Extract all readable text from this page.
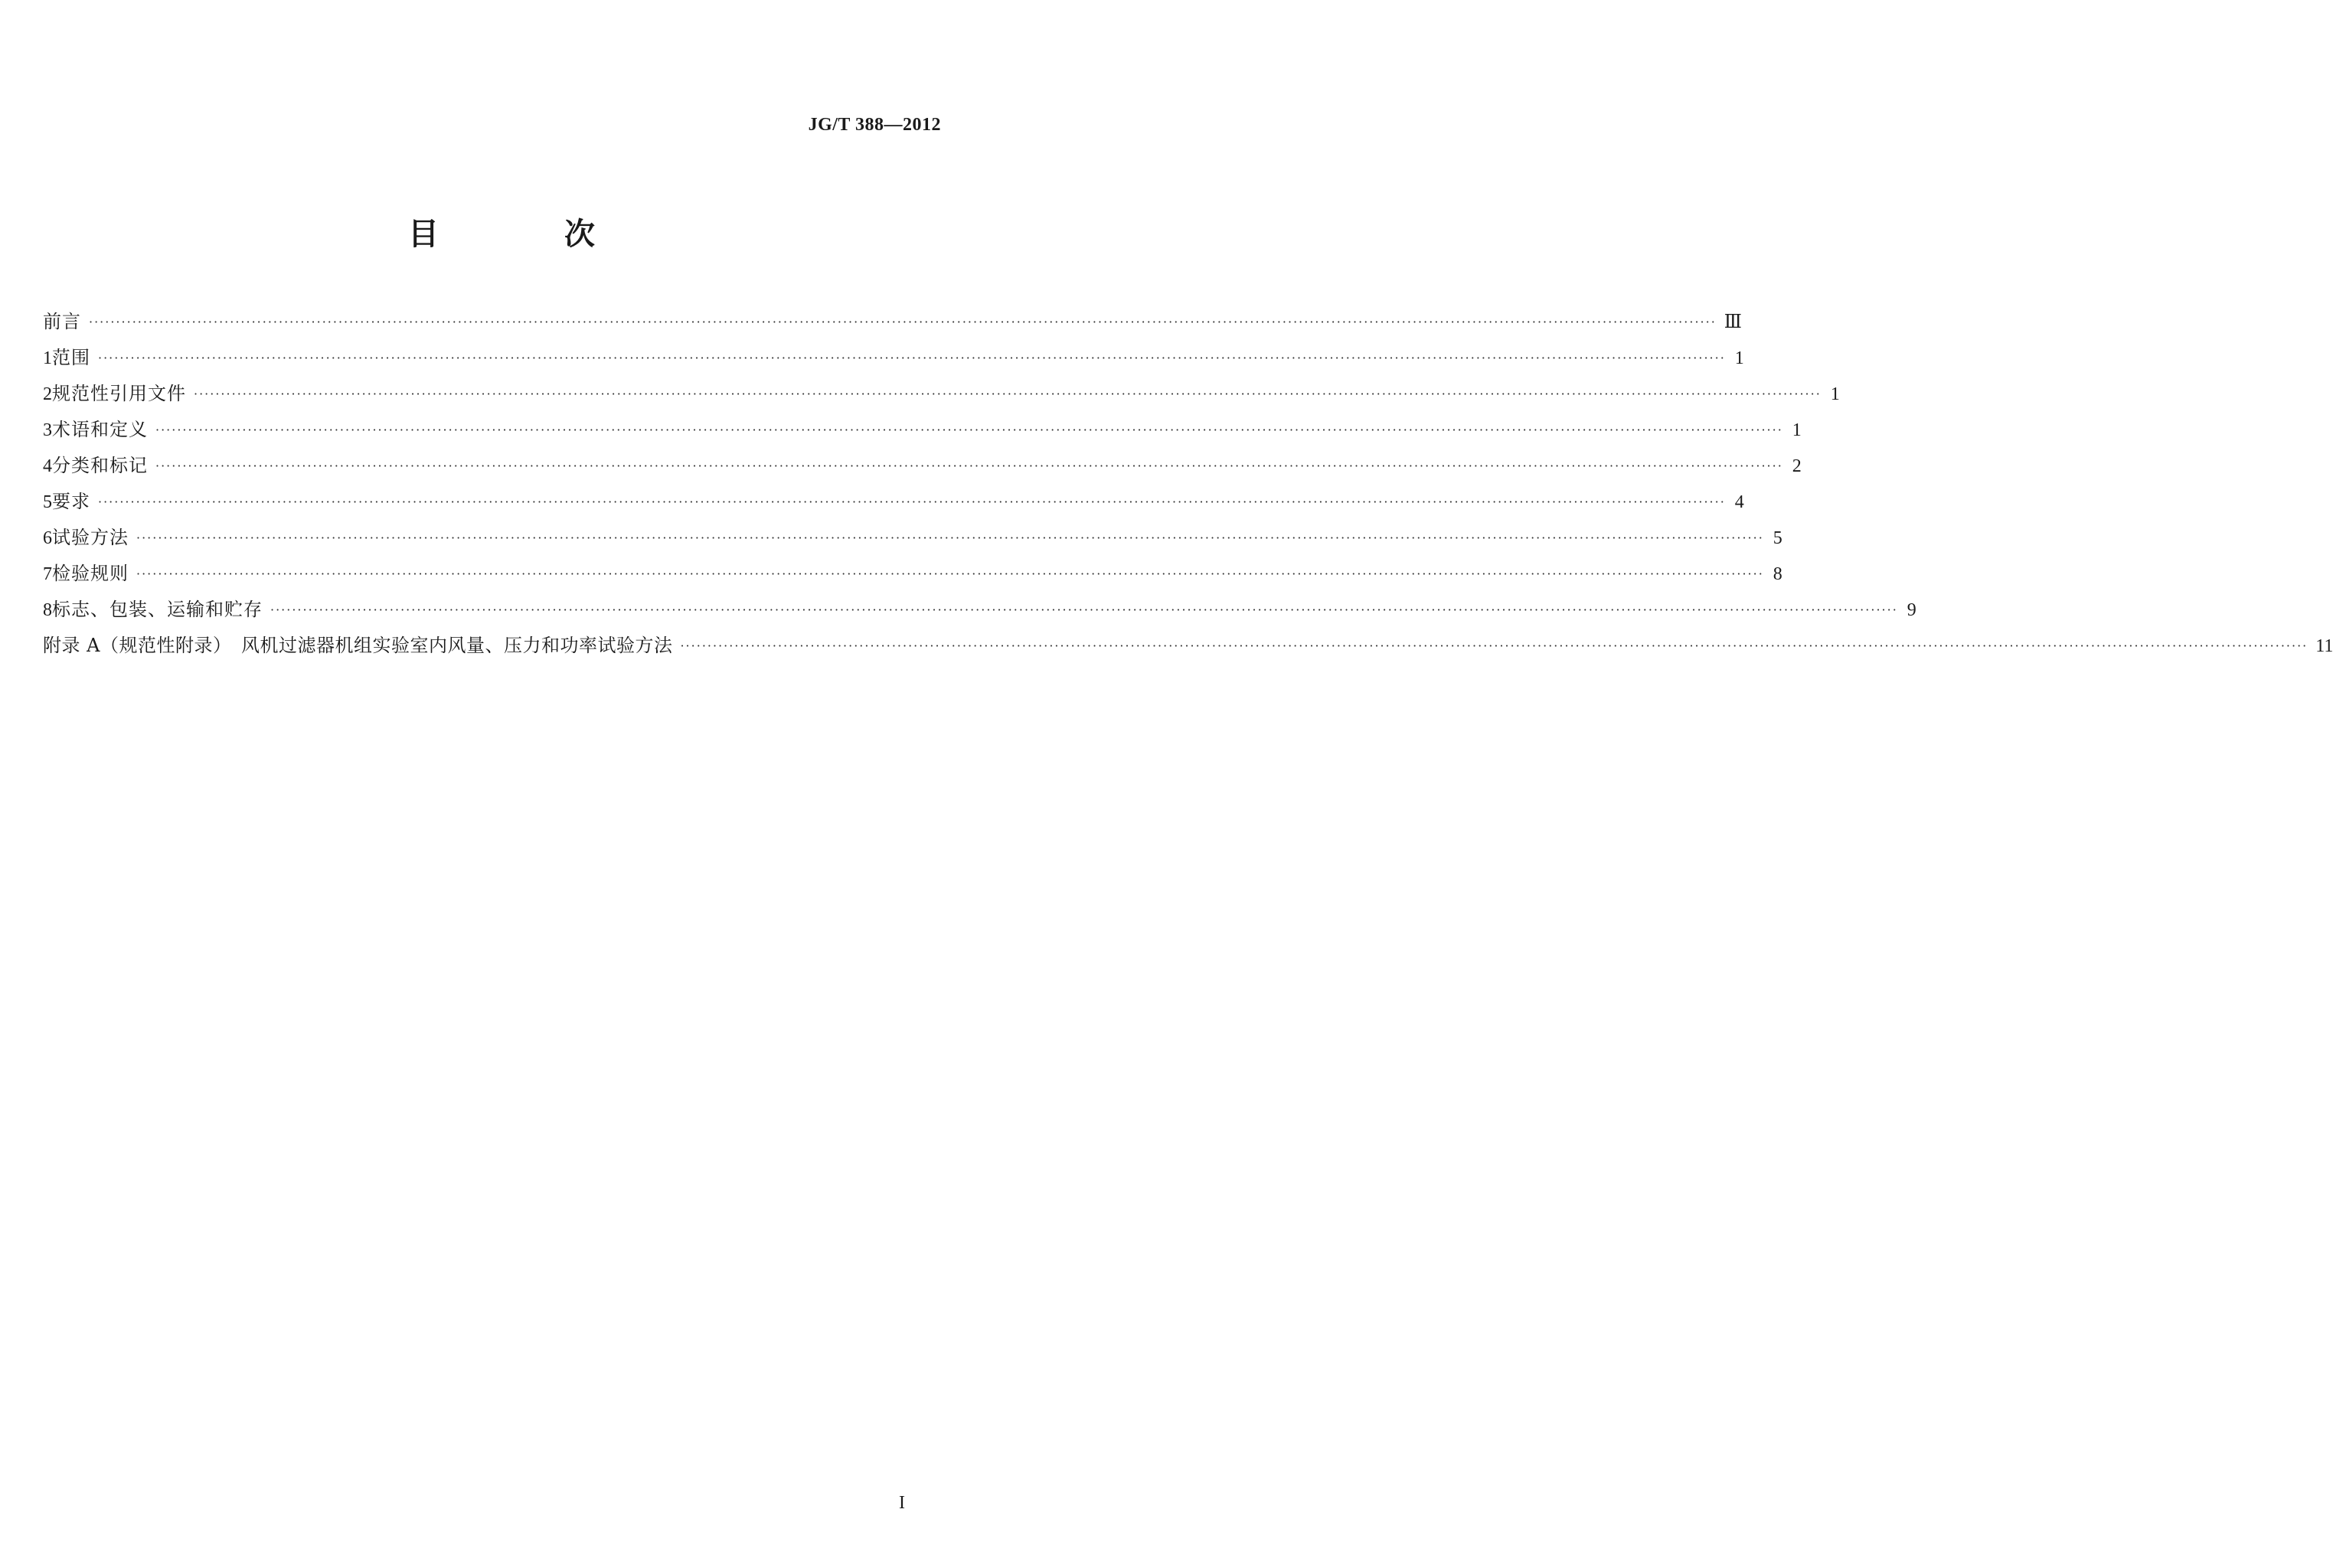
JG/T 388—2012
目　次
前言 ············································································································································································································································································································ Ⅲ
1 范围 ············································································································································································································································································································ 1
2 规范性引用文件 ············································································································································································································································································································ 1
3 术语和定义 ············································································································································································································································································································ 1
4 分类和标记 ············································································································································································································································································································ 2
5 要求 ············································································································································································································································································································ 4
6 试验方法 ············································································································································································································································································································ 5
7 检验规则 ············································································································································································································································································································ 8
8 标志、包装、运输和贮存 ············································································································································································································································································································ 9
附录 A（规范性附录）　风机过滤器机组实验室内风量、压力和功率试验方法 ············································································································································································································································································································ 11
I
